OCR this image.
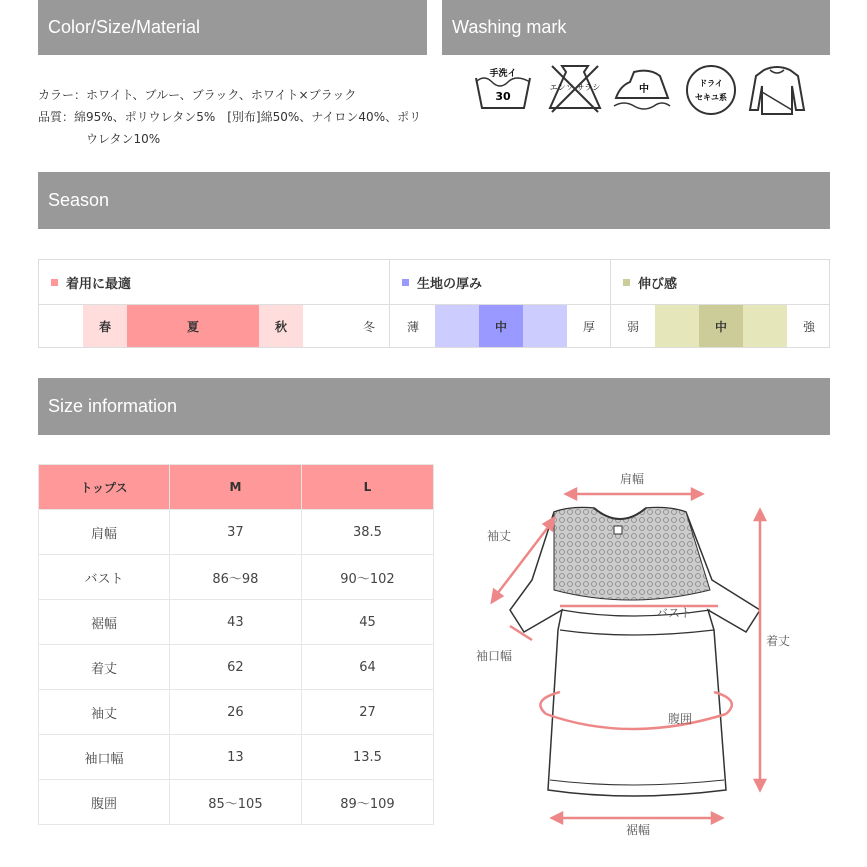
Color/Size/Material	Washing mark
カラー：ホワイト、ブルー、ブラック、ホワイト×ブラック
品質：綿95%、ポリウレタン5%　[別布]綿50%、ナイロン40%、ポリ
ウレタン10%
手洗イ
30
エンソ サラシ	中
ドライ
セキユ系
Season
着用に最適	生地の厚み	伸び感
春	夏	秋	冬	薄	中	厚	弱	中	強
Size information
トップス	M	L
肩幅	37	38.5
バスト	86〜98	90〜102
裾幅	43	45
着丈	62	64
袖丈	26	27
袖口幅	13	13.5
腹囲	85〜105	89〜109
肩幅
袖丈
バスト
袖口幅
着丈
腹囲
裾幅
